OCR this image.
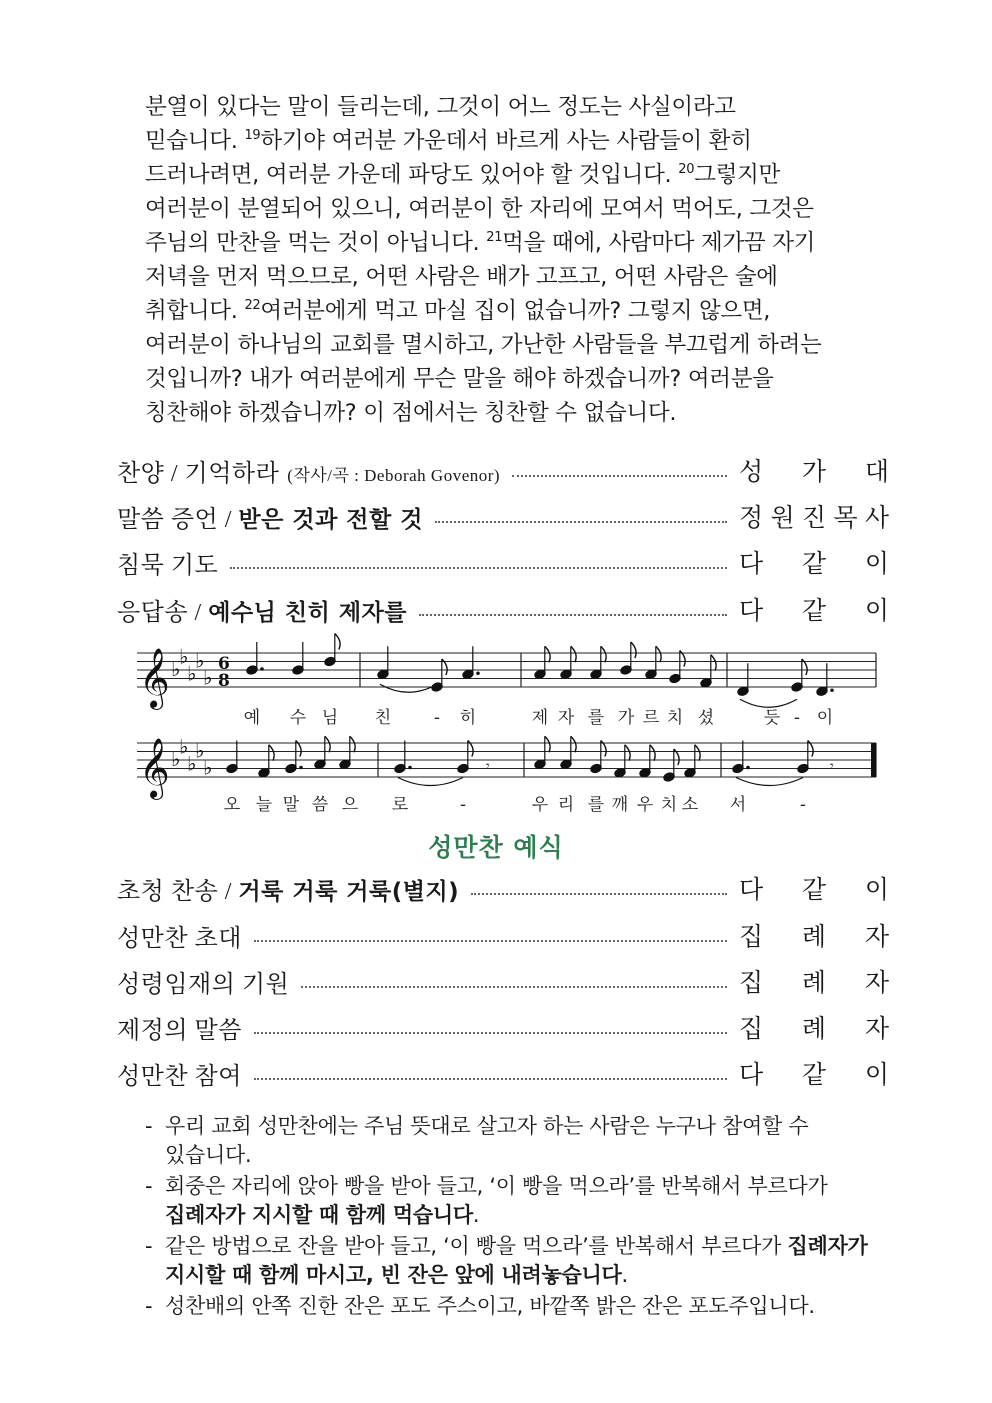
분열이 있다는 말이 들리는데, 그것이 어느 정도는 사실이라고
믿습니다. $^{19}$하기야 여러분 가운데서 바르게 사는 사람들이 환히
드러나려면, 여러분 가운데 파당도 있어야 할 것입니다. $^{20}$그렇지만
여러분이 분열되어 있으니, 여러분이 한 자리에 모여서 먹어도, 그것은
주님의 만찬을 먹는 것이 아닙니다. $^{21}$먹을 때에, 사람마다 제가끔 자기
저녁을 먼저 먹으므로, 어떤 사람은 배가 고프고, 어떤 사람은 술에
취합니다. $^{22}$여러분에게 먹고 마실 집이 없습니까? 그렇지 않으면,
여러분이 하나님의 교회를 멸시하고, 가난한 사람들을 부끄럽게 하려는
것입니까? 내가 여러분에게 무슨 말을 해야 하겠습니까? 여러분을
칭찬해야 하겠습니까? 이 점에서는 칭찬할 수 없습니다.
찬양 / 기억하라 (작사/곡 : Deborah Govenor)	성 가 대
말씀 증언 / 받은 것과 전할 것	정 원 진 목 사
침묵 기도	다 같 이
응답송 / 예수님 친히 제자를	다 같 이
𝄞 ♭
♭
♭
♭
♭
6
8
𝄞 ♭
♭
♭
♭
♭	𝄾	𝄾
예 수 님 친	- 히	제 자 를 가 르 치 셨	듯 - 이
오 늘 말 씀 으 로	-	우 리 를 깨 우 치 소 서	-
성만찬 예식
초청 찬송 / 거룩 거룩 거룩(별지)	다 같 이
성만찬 초대	집 례 자
성령임재의 기원	집 례 자
제정의 말씀	집 례 자
성만찬 참여	다 같 이
- 우리 교회 성만찬에는 주님 뜻대로 살고자 하는 사람은 누구나 참여할 수
있습니다.
- 회중은 자리에 앉아 빵을 받아 들고, ‘이 빵을 먹으라’를 반복해서 부르다가
집례자가 지시할 때 함께 먹습니다.
- 같은 방법으로 잔을 받아 들고, ‘이 빵을 먹으라’를 반복해서 부르다가 집례자가
지시할 때 함께 마시고, 빈 잔은 앞에 내려놓습니다.
- 성찬배의 안쪽 진한 잔은 포도 주스이고, 바깥쪽 밝은 잔은 포도주입니다.
